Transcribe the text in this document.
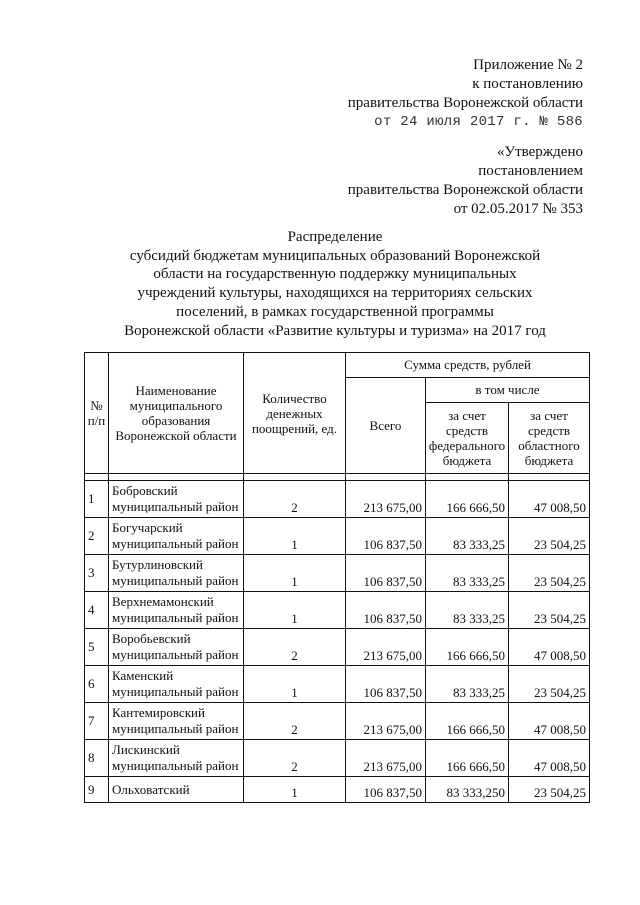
Приложение № 2
к постановлению
правительства Воронежской области
от 24 июля 2017 г. № 586
«Утверждено
постановлением
правительства Воронежской области
от 02.05.2017 № 353
Распределение
субсидий бюджетам муниципальных образований Воронежской
области на государственную поддержку муниципальных
учреждений культуры, находящихся на территориях сельских
поселений, в рамках государственной программы
Воронежской области «Развитие культуры и туризма» на 2017 год
№ п/п	Наименование муниципального образования Воронежской области	Количество денежных поощрений, ед.	Сумма средств, рублей		
			Всего	в том числе	
				за счет средств федерального бюджета	за счет средств областного бюджета

1	Бобровский
муниципальный район	2	213 675,00	166 666,50	47 008,50
2	Богучарский
муниципальный район	1	106 837,50	83 333,25	23 504,25
3	Бутурлиновский
муниципальный район	1	106 837,50	83 333,25	23 504,25
4	Верхнемамонский
муниципальный район	1	106 837,50	83 333,25	23 504,25
5	Воробьевский
муниципальный район	2	213 675,00	166 666,50	47 008,50
6	Каменский
муниципальный район	1	106 837,50	83 333,25	23 504,25
7	Кантемировский
муниципальный район	2	213 675,00	166 666,50	47 008,50
8	Лискинский
муниципальный район	2	213 675,00	166 666,50	47 008,50
9	Ольховатский	1	106 837,50	83 333,250	23 504,25
